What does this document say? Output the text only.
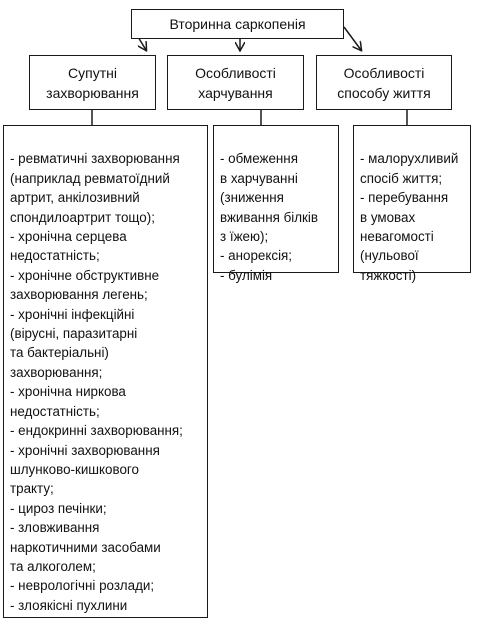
Вторинна саркопенія
Супутні
захворювання
Особливості
харчування
Особливості
способу життя

- ревматичні захворювання
(наприклад ревматоїдний
артрит, анкілозивний
спондилоартрит тощо);
- хронічна серцева
недостатність;
- хронічне обструктивне
захворювання легень;
- хронічні інфекційні
(вірусні, паразитарні
та бактеріальні)
захворювання;
- хронічна ниркова
недостатність;
- ендокринні захворювання;
- хронічні захворювання
шлунково-кишкового
тракту;
- цироз печінки;
- зловживання
наркотичними засобами
та алкоголем;
- неврологічні розлади;
- злоякісні пухлини

- обмеження
в харчуванні
(зниження
вживання білків
з їжею);
- анорексія;
- булімія

- малорухливий
спосіб життя;
- перебування
в умовах
невагомості
(нульової
тяжкості)
